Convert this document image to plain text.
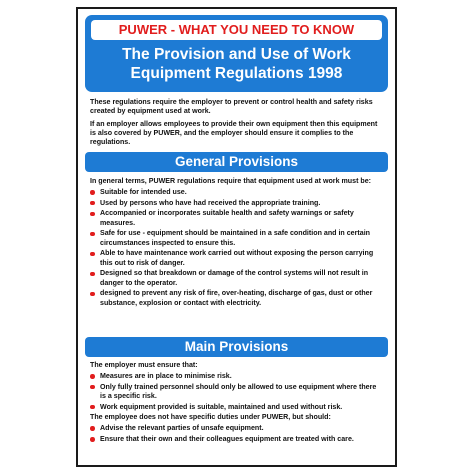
PUWER - WHAT YOU NEED TO KNOW
The Provision and Use of Work
Equipment Regulations 1998

These regulations require the employer to prevent or control health and safety risks created by equipment used at work.

If an employer allows employees to provide their own equipment then this equipment is also covered by PUWER, and the employer should ensure it complies to the regulations.

General Provisions

In general terms, PUWER regulations require that equipment used at work must be:

Suitable for intended use.
Used by persons who have had received the appropriate training.
Accompanied or incorporates suitable health and safety warnings or safety measures.
Safe for use - equipment should be maintained in a safe condition and in certain circumstances inspected to ensure this.
Able to have maintenance work carried out without exposing the person carrying this out to risk of danger.
Designed so that breakdown or damage of the control systems will not result in danger to the operator.
designed to prevent any risk of fire, over-heating, discharge of gas, dust or other substance, explosion or contact with electricity.
Main Provisions

The employer must ensure that:

Measures are in place to minimise risk.
Only fully trained personnel should only be allowed to use equipment where there is a specific risk.
Work equipment provided is suitable, maintained and used without risk.

The employee does not have specific duties under PUWER, but should:

Advise the relevant parties of unsafe equipment.
Ensure that their own and their colleagues equipment are treated with care.
